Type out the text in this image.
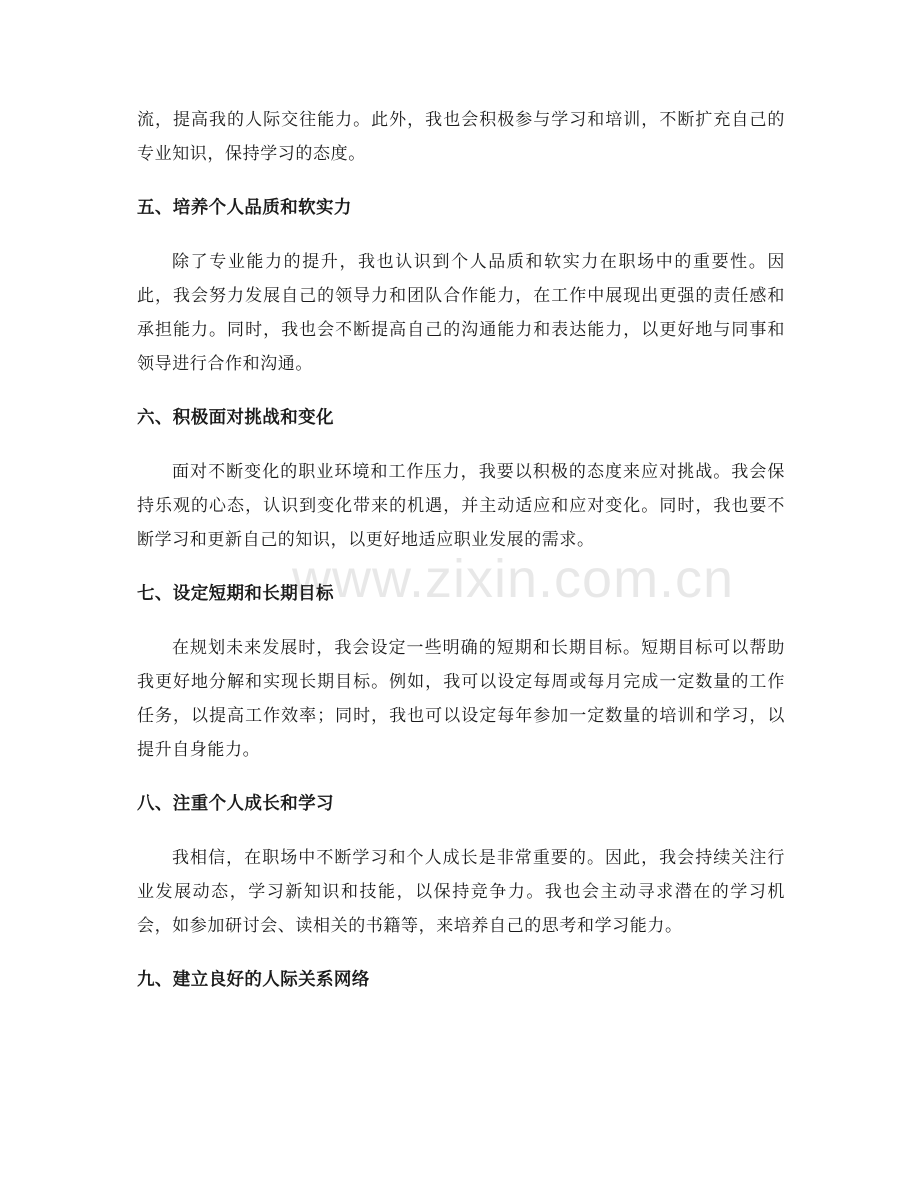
流，提高我的人际交往能力。此外，我也会积极参与学习和培训，不断扩充自己的专业知识，保持学习的态度。

五、培养个人品质和软实力

除了专业能力的提升，我也认识到个人品质和软实力在职场中的重要性。因此，我会努力发展自己的领导力和团队合作能力，在工作中展现出更强的责任感和承担能力。同时，我也会不断提高自己的沟通能力和表达能力，以更好地与同事和领导进行合作和沟通。

六、积极面对挑战和变化

面对不断变化的职业环境和工作压力，我要以积极的态度来应对挑战。我会保持乐观的心态，认识到变化带来的机遇，并主动适应和应对变化。同时，我也要不断学习和更新自己的知识，以更好地适应职业发展的需求。

七、设定短期和长期目标

在规划未来发展时，我会设定一些明确的短期和长期目标。短期目标可以帮助我更好地分解和实现长期目标。例如，我可以设定每周或每月完成一定数量的工作任务，以提高工作效率；同时，我也可以设定每年参加一定数量的培训和学习，以提升自身能力。

八、注重个人成长和学习

我相信，在职场中不断学习和个人成长是非常重要的。因此，我会持续关注行业发展动态，学习新知识和技能，以保持竞争力。我也会主动寻求潜在的学习机会，如参加研讨会、读相关的书籍等，来培养自己的思考和学习能力。

九、建立良好的人际关系网络
www.zixin.com.cn
